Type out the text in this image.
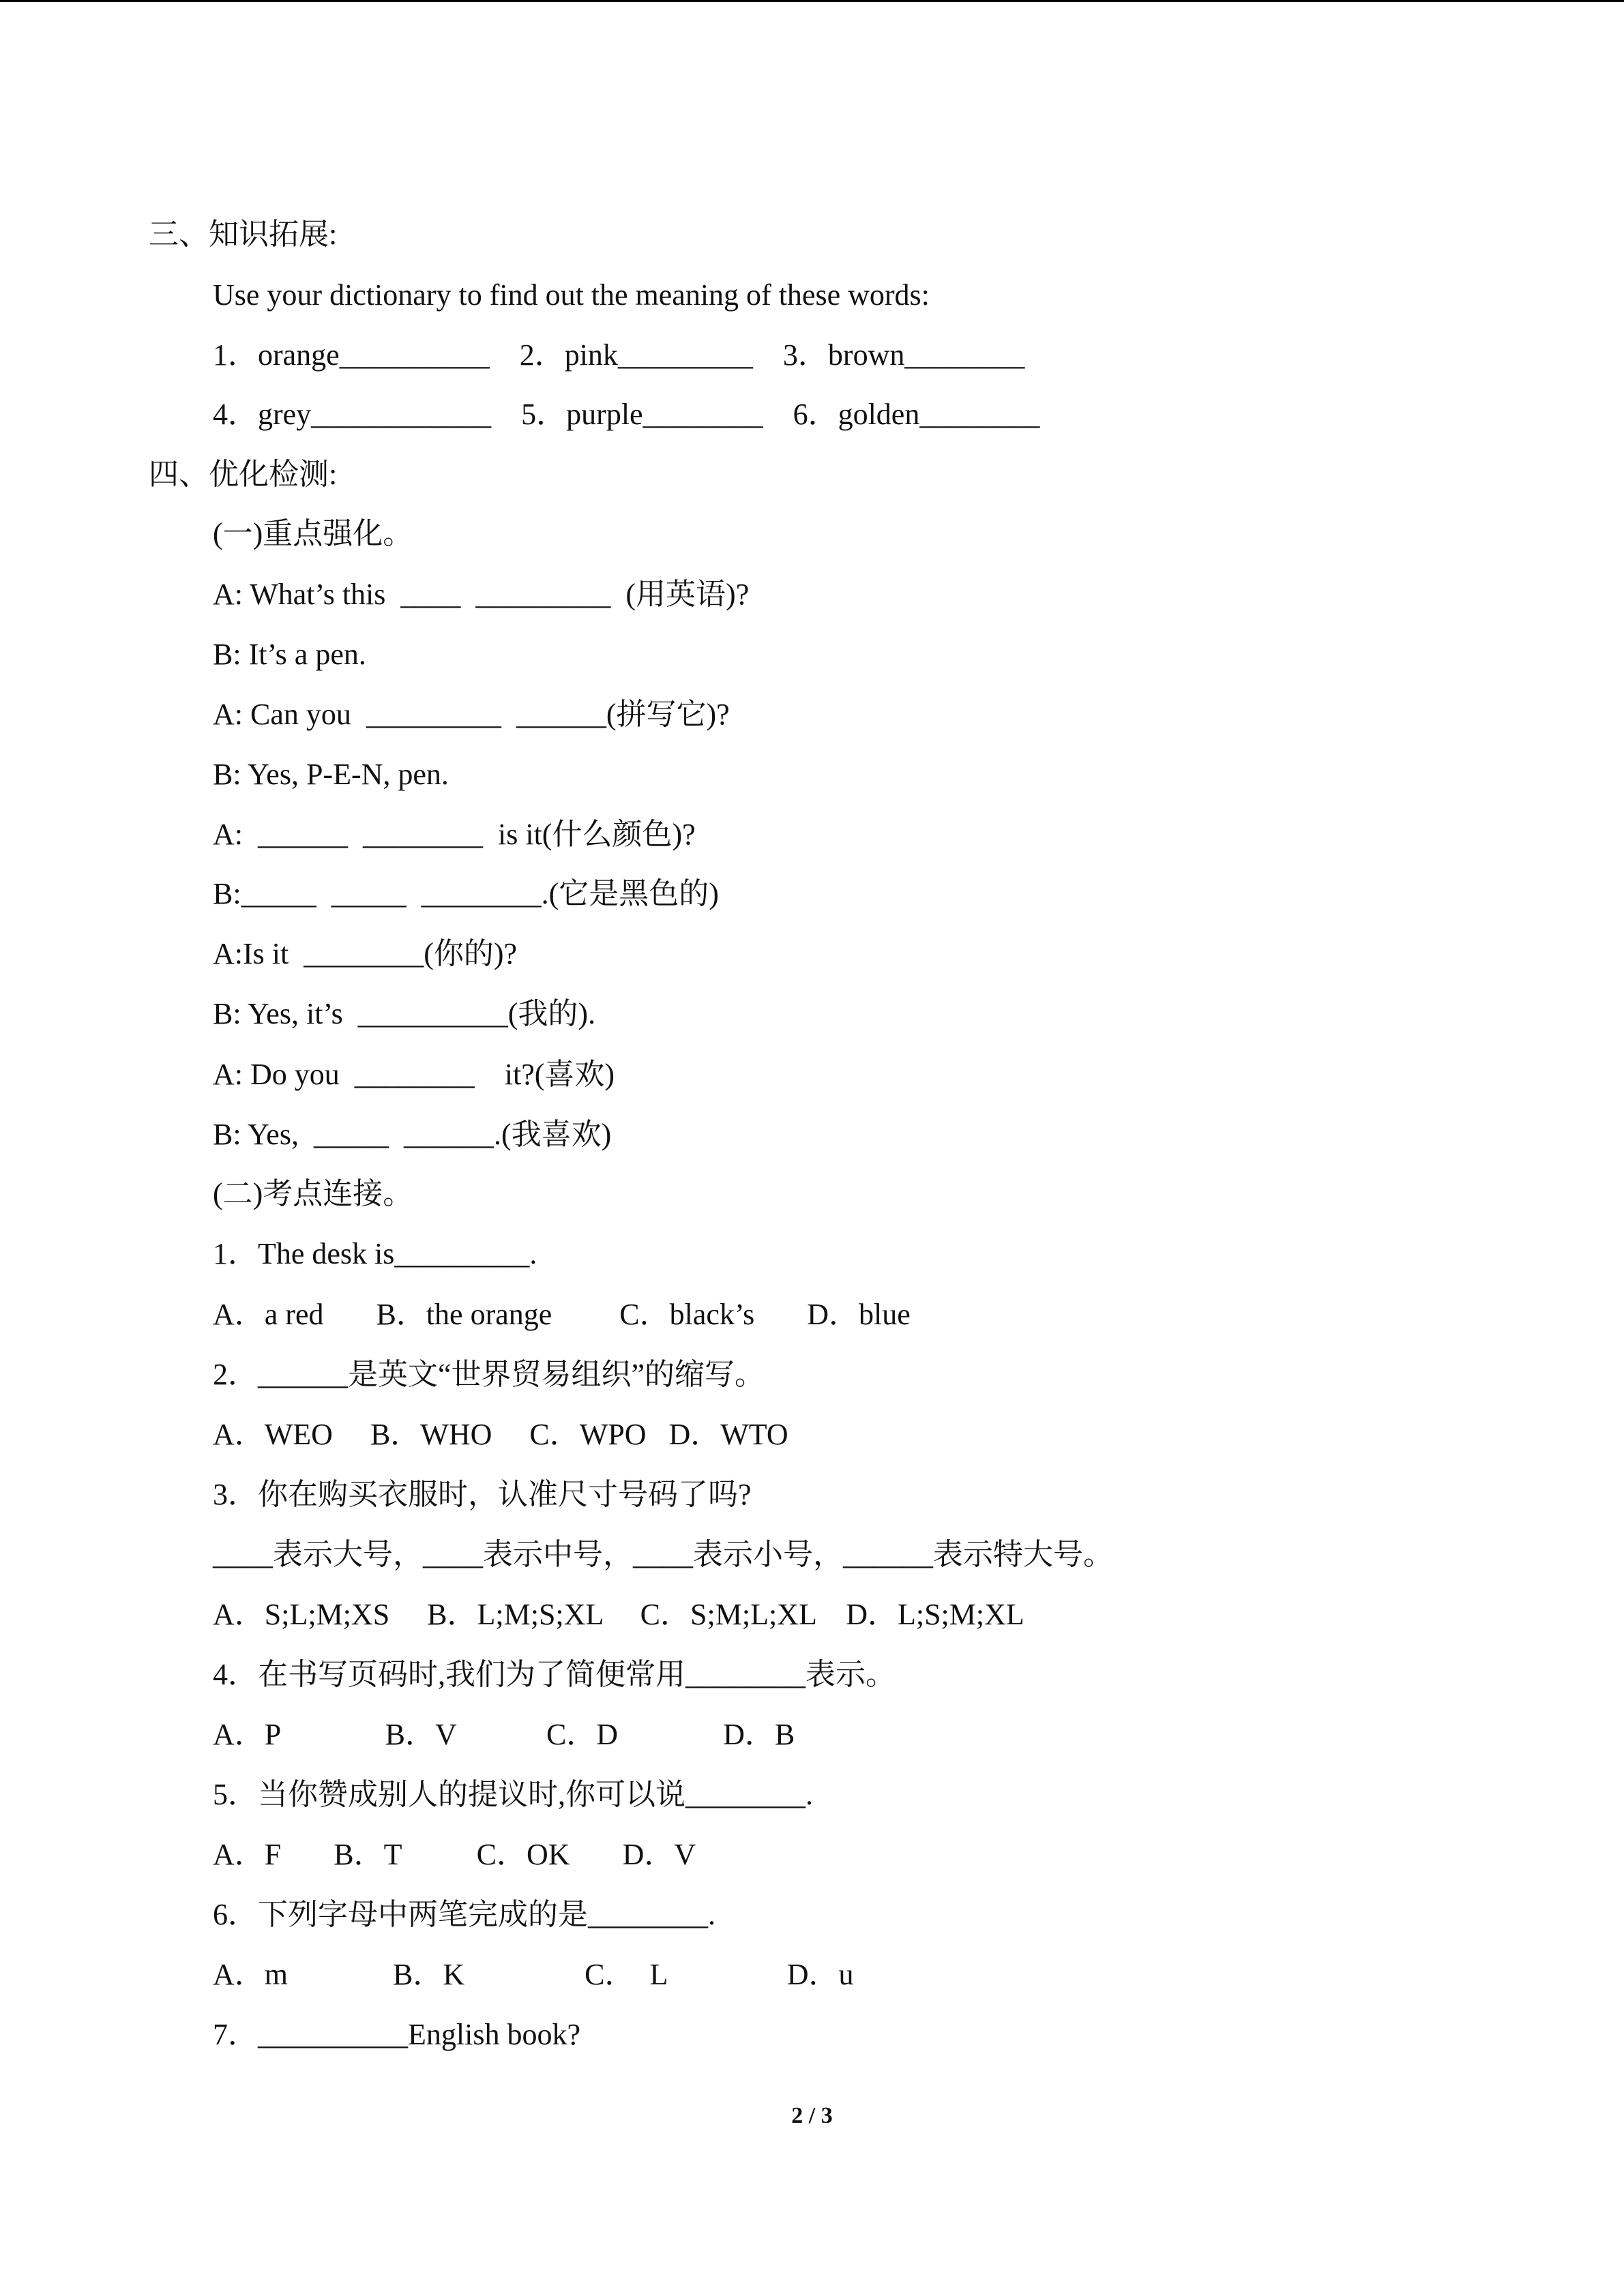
三、知识拓展:
Use your dictionary to find out the meaning of these words:
1．orange__________    2．pink_________    3．brown________
4．grey____________    5．purple________    6．golden________
四、优化检测:
(一)重点强化。
A: What’s this  ____  _________  (用英语)?
B: It’s a pen.
A: Can you  _________  ______(拼写它)?
B: Yes, P-E-N, pen.
A:  ______  ________  is it(什么颜色)?
B:_____  _____  ________.(它是黑色的)
A:Is it  ________(你的)?
B: Yes, it’s  __________(我的).
A: Do you  ________    it?(喜欢)
B: Yes,  _____  ______.(我喜欢)
(二)考点连接。
1．The desk is_________.
A．a red       B．the orange         C．black’s       D．blue
2．______是英文“世界贸易组织”的缩写。
A．WEO     B．WHO     C．WPO   D．WTO
3．你在购买衣服时，认准尺寸号码了吗?
____表示大号，____表示中号，____表示小号，______表示特大号。
A．S;L;M;XS     B．L;M;S;XL     C．S;M;L;XL    D．L;S;M;XL
4．在书写页码时,我们为了简便常用________表示。
A．P              B．V            C．D              D．B
5．当你赞成别人的提议时,你可以说________.
A．F       B．T          C．OK       D．V
6．下列字母中两笔完成的是________.
A．m              B．K                C．  L                D．u
7．__________English book?
2 / 3
